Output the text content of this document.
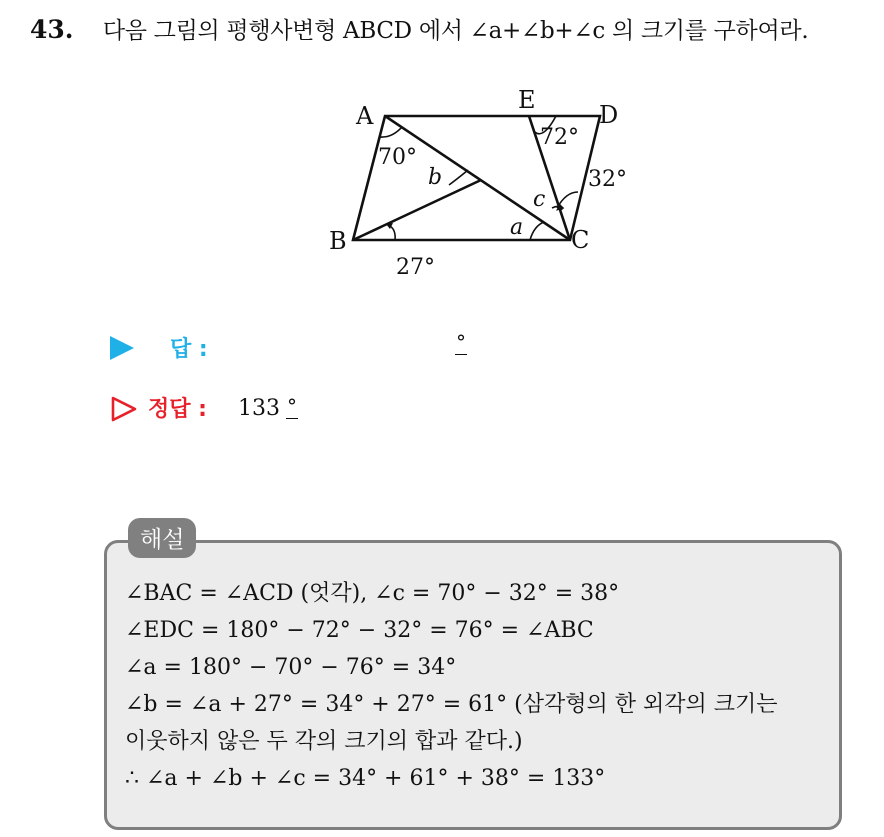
43. 다음 그림의 평행사변형 ABCD 에서 ∠a+∠b+∠c 의 크기를 구하여라.
A
B	C
D
E
70°
72°
32°
27°
a
b
c
답 :	°
정답 : 133 °
해설
∠BAC = ∠ACD (엇각), ∠c = 70° − 32° = 38°
∠EDC = 180° − 72° − 32° = 76° = ∠ABC
∠a = 180° − 70° − 76° = 34°
∠b = ∠a + 27° = 34° + 27° = 61° (삼각형의 한 외각의 크기는
이웃하지 않은 두 각의 크기의 합과 같다.)
∴ ∠a + ∠b + ∠c = 34° + 61° + 38° = 133°
